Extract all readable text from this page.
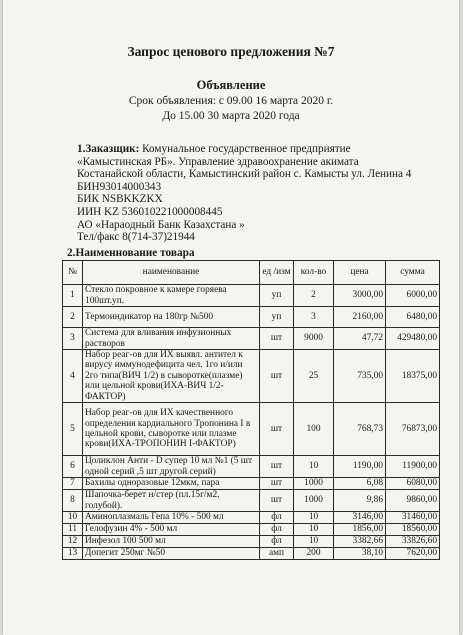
Запрос ценового предложения №7
Объявление
Срок объявления: с 09.00 16 марта 2020 г.
До 15.00 30 марта 2020 года
1.Заказщик: Комунальное государственное предприятие «Камыстинская РБ». Управление здравоохранение акимата Костанайской области, Камыстинский район с. Камысты ул. Ленина 4
БИН93014000343
БИК NSBKKZKX
ИИН KZ 536010221000008445
АО «Нараодный Банк Казахстана »
Тел/факс 8(714-37)21944
2.Наименнование товара
№	наименование	ед /изм	кол-во	цена	сумма
1	Стекло покровное к камере горяева 100шт.уп.	уп	2	3000,00	6000,00
2	Термоиндикатор на 180гр №500	уп	3	2160,00	6480,00
3	Система для вливания инфузионных растворов	шт	9000	47,72	429480,00
4	Набор реаг-ов для ИХ выявл. антител к вирусу иммунодефицита чел. 1го и/или 2го типа(ВИЧ 1/2) в сыворотке(плазме) или цельной крови(ИХА-ВИЧ 1/2-ФАКТОР)	шт	25	735,00	18375,00
5	Набор реаг-ов для ИХ качественного определения кардиального Тропонина I в цельной крови, сыворотке или плазме крови(ИХА-ТРОПОНИН I-ФАКТОР)	шт	100	768,73	76873,00
6	Цоликлон Анти - D супер 10 мл №1 (5 шт одной серий ,5 шт другой серий)	шт	10	1190,00	11900,00
7	Бахилы одноразовые 12мкм, пара	шт	1000	6,08	6080,00
8	Шапочка-берет н/стер (пл.15г/м2, голубой).	шт	1000	9,86	9860,00
10	Аминоплазмаль Гепа 10% - 500 мл	фл	10	3146,00	31460,00
11	Гелофузин 4% - 500 мл	фл	10	1856,00	18560,00
12	Инфезол 100 500 мл	фл	10	3382,66	33826,60
13	Допегит 250мг №50	амп	200	38,10	7620,00
